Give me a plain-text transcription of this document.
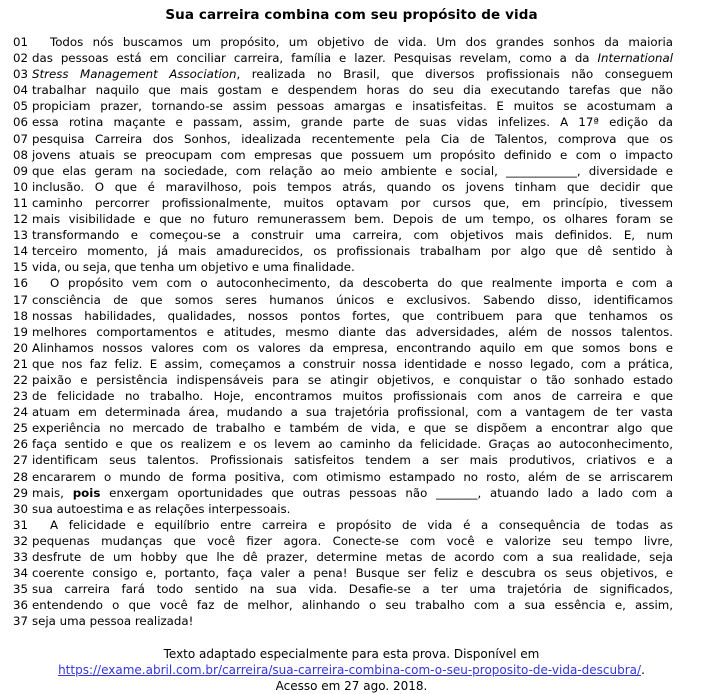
Sua carreira combina com seu propósito de vida
01	Todos nós buscamos um propósito, um objetivo de vida. Um dos grandes sonhos da maioria
02 das pessoas está em conciliar carreira, família e lazer. Pesquisas revelam, como a da International
03 Stress Management Association, realizada no Brasil, que diversos profissionais não conseguem
04 trabalhar naquilo que mais gostam e despendem horas do seu dia executando tarefas que não
05 propiciam prazer, tornando-se assim pessoas amargas e insatisfeitas. E muitos se acostumam a
06 essa rotina maçante e passam, assim, grande parte de suas vidas infelizes. A 17ª edição da
07 pesquisa Carreira dos Sonhos, idealizada recentemente pela Cia de Talentos, comprova que os
08 jovens atuais se preocupam com empresas que possuem um propósito definido e com o impacto
09 que elas geram na sociedade, com relação ao meio ambiente e social, ____________, diversidade e
10 inclusão. O que é maravilhoso, pois tempos atrás, quando os jovens tinham que decidir que
11 caminho percorrer profissionalmente, muitos optavam por cursos que, em princípio, tivessem
12 mais visibilidade e que no futuro remunerassem bem. Depois de um tempo, os olhares foram se
13 transformando e começou-se a construir uma carreira, com objetivos mais definidos. E, num
14 terceiro momento, já mais amadurecidos, os profissionais trabalham por algo que dê sentido à
15 vida, ou seja, que tenha um objetivo e uma finalidade.
16	O propósito vem com o autoconhecimento, da descoberta do que realmente importa e com a
17 consciência de que somos seres humanos únicos e exclusivos. Sabendo disso, identificamos
18 nossas habilidades, qualidades, nossos pontos fortes, que contribuem para que tenhamos os
19 melhores comportamentos e atitudes, mesmo diante das adversidades, além de nossos talentos.
20 Alinhamos nossos valores com os valores da empresa, encontrando aquilo em que somos bons e
21 que nos faz feliz. E assim, começamos a construir nossa identidade e nosso legado, com a prática,
22 paixão e persistência indispensáveis para se atingir objetivos, e conquistar o tão sonhado estado
23 de felicidade no trabalho. Hoje, encontramos muitos profissionais com anos de carreira e que
24 atuam em determinada área, mudando a sua trajetória profissional, com a vantagem de ter vasta
25 experiência no mercado de trabalho e também de vida, e que se dispõem a encontrar algo que
26 faça sentido e que os realizem e os levem ao caminho da felicidade. Graças ao autoconhecimento,
27 identificam seus talentos. Profissionais satisfeitos tendem a ser mais produtivos, criativos e a
28 encararem o mundo de forma positiva, com otimismo estampado no rosto, além de se arriscarem
29 mais, pois enxergam oportunidades que outras pessoas não _______, atuando lado a lado com a
30 sua autoestima e as relações interpessoais.
31	A felicidade e equilíbrio entre carreira e propósito de vida é a consequência de todas as
32 pequenas mudanças que você fizer agora. Conecte-se com você e valorize seu tempo livre,
33 desfrute de um hobby que lhe dê prazer, determine metas de acordo com a sua realidade, seja
34 coerente consigo e, portanto, faça valer a pena! Busque ser feliz e descubra os seus objetivos, e
35 sua carreira fará todo sentido na sua vida. Desafie-se a ter uma trajetória de significados,
36 entendendo o que você faz de melhor, alinhando o seu trabalho com a sua essência e, assim,
37 seja uma pessoa realizada!
Texto adaptado especialmente para esta prova. Disponível em https://exame.abril.com.br/carreira/sua-carreira-combina-com-o-seu-proposito-de-vida-descubra/. Acesso em 27 ago. 2018.
